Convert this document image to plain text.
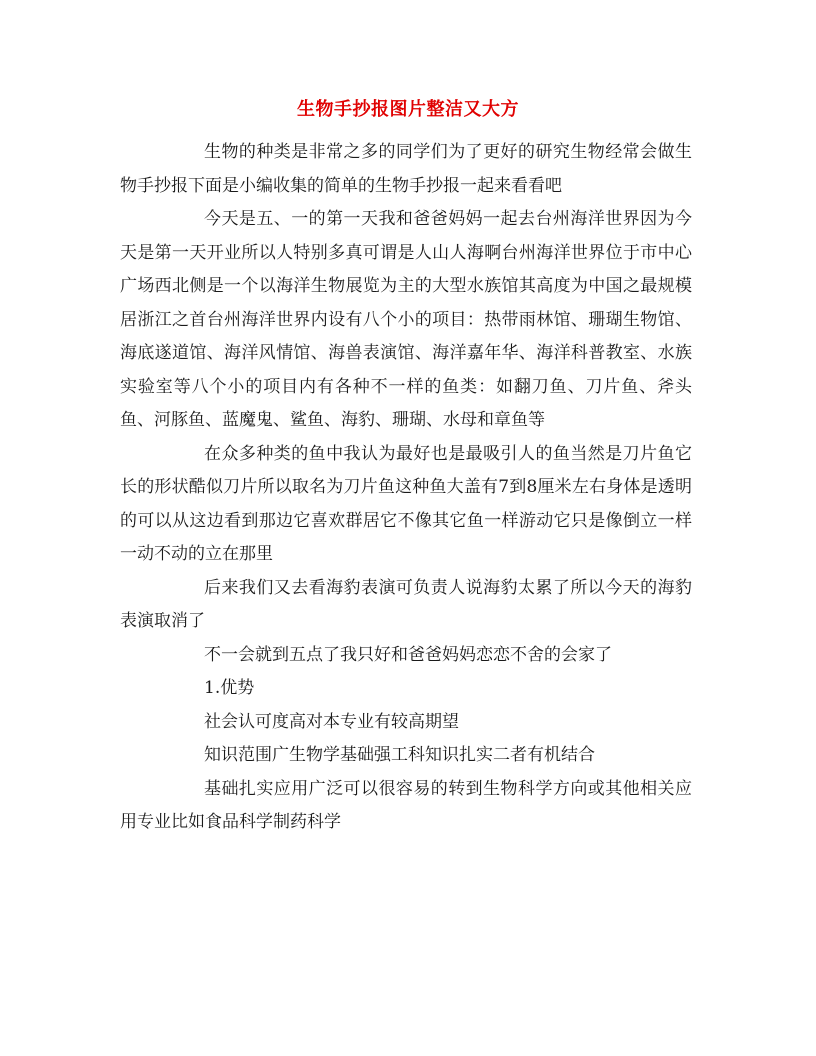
生物手抄报图片整洁又大方

生物的种类是非常之多的同学们为了更好的研究生物经常会做生物手抄报下面是小编收集的简单的生物手抄报一起来看看吧

今天是五、一的第一天我和爸爸妈妈一起去台州海洋世界因为今天是第一天开业所以人特别多真可谓是人山人海啊台州海洋世界位于市中心广场西北侧是一个以海洋生物展览为主的大型水族馆其高度为中国之最规模居浙江之首台州海洋世界内设有八个小的项目：热带雨林馆、珊瑚生物馆、海底遂道馆、海洋风情馆、海兽表演馆、海洋嘉年华、海洋科普教室、水族实验室等八个小的项目内有各种不一样的鱼类：如翻刀鱼、刀片鱼、斧头鱼、河豚鱼、蓝魔鬼、鲨鱼、海豹、珊瑚、水母和章鱼等

在众多种类的鱼中我认为最好也是最吸引人的鱼当然是刀片鱼它长的形状酷似刀片所以取名为刀片鱼这种鱼大盖有7到8厘米左右身体是透明的可以从这边看到那边它喜欢群居它不像其它鱼一样游动它只是像倒立一样一动不动的立在那里

后来我们又去看海豹表演可负责人说海豹太累了所以今天的海豹表演取消了

不一会就到五点了我只好和爸爸妈妈恋恋不舍的会家了

1.优势

社会认可度高对本专业有较高期望

知识范围广生物学基础强工科知识扎实二者有机结合

基础扎实应用广泛可以很容易的转到生物科学方向或其他相关应用专业比如食品科学制药科学
